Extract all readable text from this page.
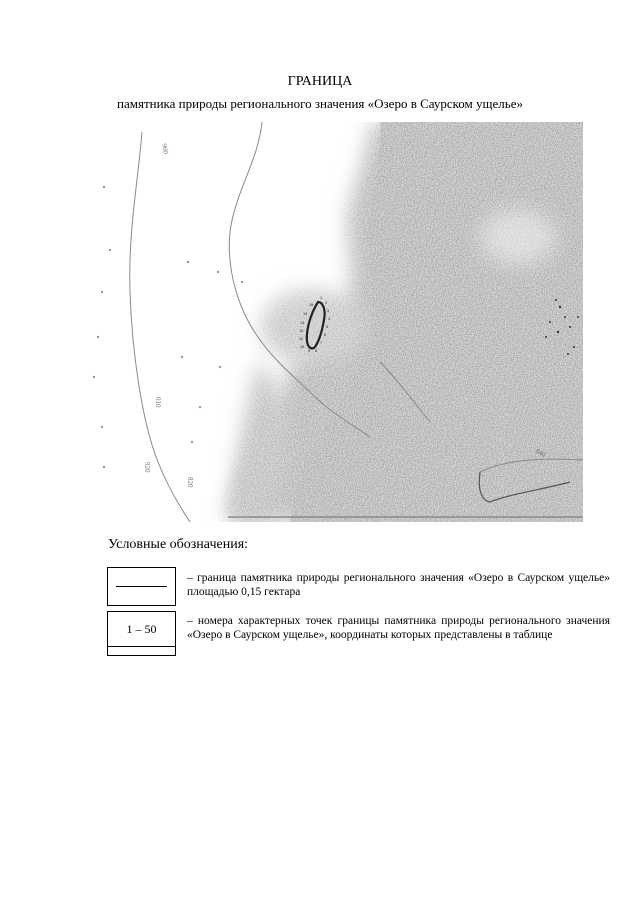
ГРАНИЦА
памятника природы регионального значения «Озеро в Саурском ущелье»
900
010
920
840
820
1
2
3
4
5
6
7
8
9
10
11
12
13
14
15
Условные обозначения:
– граница памятника природы регионального значения «Озеро в Саурском ущелье» площадью 0,15 гектара
1 – 50
– номера характерных точек границы памятника природы регионального значения «Озеро в Саурском ущелье», координаты которых представлены в таблице
